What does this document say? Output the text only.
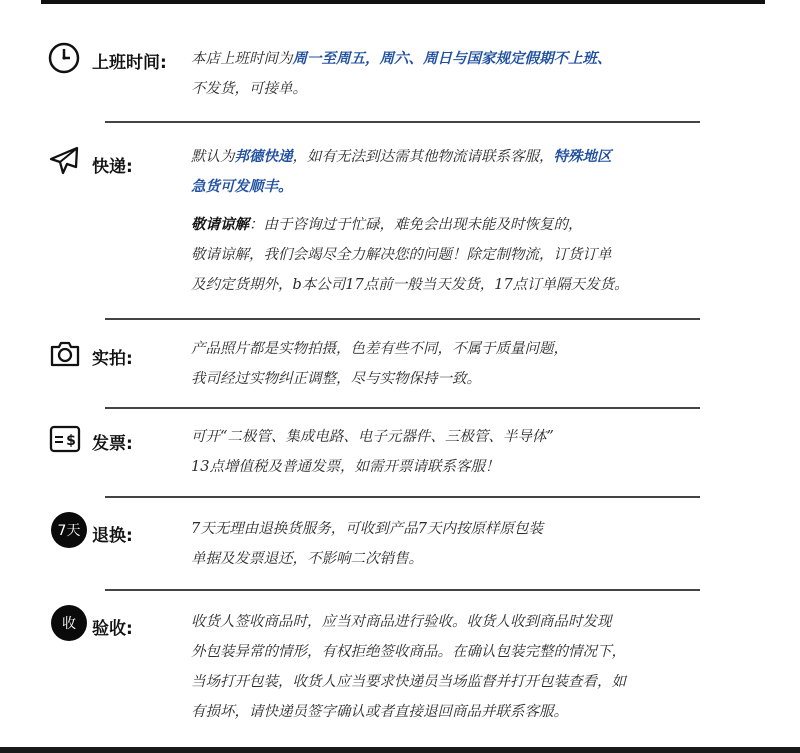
上班时间: 本店上班时间为周一至周五，周六、周日与国家规定假期不上班、
不发货，可接单。
快递:	默认为邦德快递，如有无法到达需其他物流请联系客服，特殊地区
急货可发顺丰。
敬请谅解：由于咨询过于忙碌，难免会出现未能及时恢复的，
敬请谅解，我们会竭尽全力解决您的问题！除定制物流，订货订单
及约定货期外，b本公司17点前一般当天发货，17点订单隔天发货。
实拍:	产品照片都是实物拍摄，色差有些不同，不属于质量问题，
我司经过实物纠正调整，尽与实物保持一致。
$ 发票:	可开“二极管、集成电路、电子元器件、三极管、半导体”
13点增值税及普通发票，如需开票请联系客服！
7天 退换:	7天无理由退换货服务，可收到产品7天内按原样原包装
单据及发票退还，不影响二次销售。
收 验收:	收货人签收商品时，应当对商品进行验收。收货人收到商品时发现
外包装异常的情形，有权拒绝签收商品。在确认包装完整的情况下，
当场打开包装，收货人应当要求快递员当场监督并打开包装查看，如
有损坏，请快递员签字确认或者直接退回商品并联系客服。
